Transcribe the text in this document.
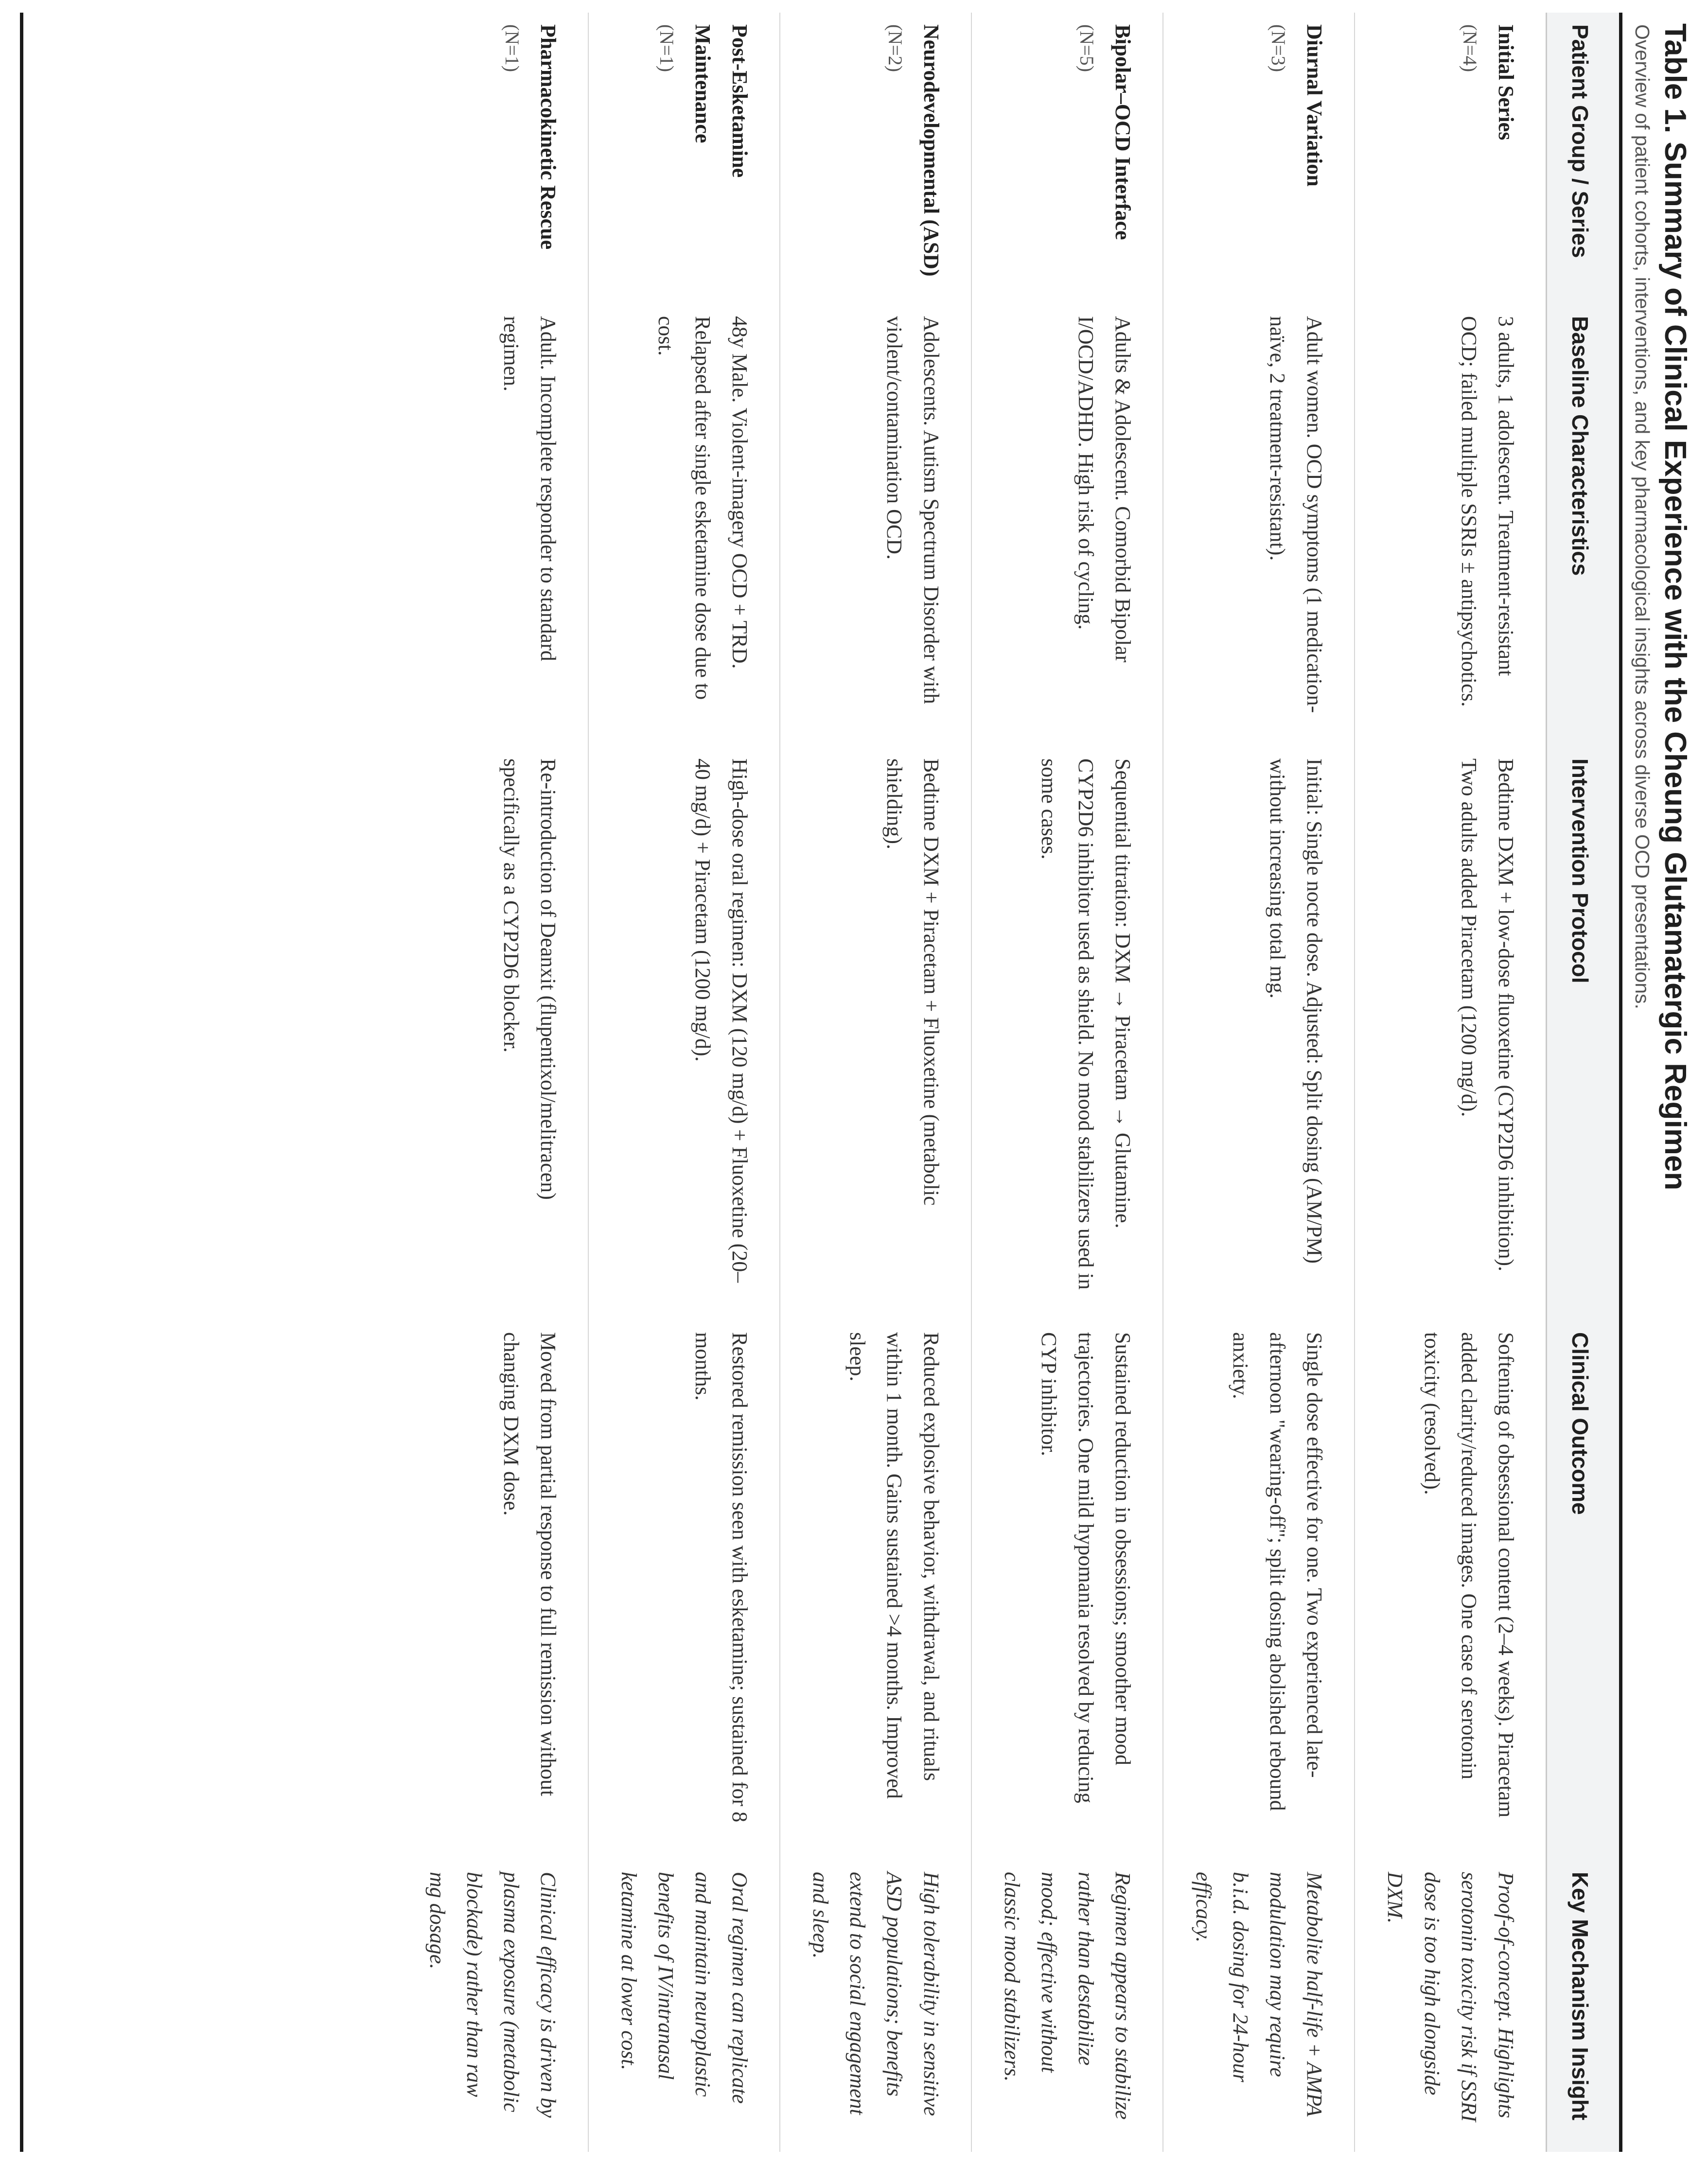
Table 1. Summary of Clinical Experience with the Cheung Glutamatergic Regimen
Overview of patient cohorts, interventions, and key pharmacological insights across diverse OCD presentations.
Patient Group / Series	Baseline Characteristics	Intervention Protocol	Clinical Outcome	Key Mechanism Insight

Initial Series
(N=4)	3 adults, 1 adolescent. Treatment-resistant OCD; failed multiple SSRIs ± antipsychotics.	Bedtime DXM + low-dose fluoxetine (CYP2D6 inhibition). Two adults added Piracetam (1200 mg/d).	Softening of obsessional content (2–4 weeks). Piracetam added clarity/reduced images. One case of serotonin toxicity (resolved).	Proof-of-concept. Highlights serotonin toxicity risk if SSRI dose is too high alongside DXM.

Diurnal Variation
(N=3)	Adult women. OCD symptoms (1 medication-naïve, 2 treatment-resistant).	Initial: Single nocte dose. Adjusted: Split dosing (AM/PM) without increasing total mg.	Single dose effective for one. Two experienced late-afternoon "wearing-off"; split dosing abolished rebound anxiety.	Metabolite half-life + AMPA modulation may require b.i.d. dosing for 24-hour efficacy.

Bipolar–OCD Interface
(N=5)	Adults & Adolescent. Comorbid Bipolar I/OCD/ADHD. High risk of cycling.	Sequential titration: DXM → Piracetam → Glutamine. CYP2D6 inhibitor used as shield. No mood stabilizers used in some cases.	Sustained reduction in obsessions; smoother mood trajectories. One mild hypomania resolved by reducing CYP inhibitor.	Regimen appears to stabilize rather than destabilize mood; effective without classic mood stabilizers.

Neurodevelopmental (ASD)
(N=2)	Adolescents. Autism Spectrum Disorder with violent/contamination OCD.	Bedtime DXM + Piracetam + Fluoxetine (metabolic shielding).	Reduced explosive behavior, withdrawal, and rituals within 1 month. Gains sustained >4 months. Improved sleep.	High tolerability in sensitive ASD populations; benefits extend to social engagement and sleep.

Post-Esketamine Maintenance
(N=1)	48y Male. Violent-imagery OCD + TRD. Relapsed after single esketamine dose due to cost.	High-dose oral regimen: DXM (120 mg/d) + Fluoxetine (20–40 mg/d) + Piracetam (1200 mg/d).	Restored remission seen with esketamine; sustained for 8 months.	Oral regimen can replicate and maintain neuroplastic benefits of IV/intranasal ketamine at lower cost.

Pharmacokinetic Rescue
(N=1)	Adult. Incomplete responder to standard regimen.	Re-introduction of Deanxit (flupentixol/melitracen) specifically as a CYP2D6 blocker.	Moved from partial response to full remission without changing DXM dose.	Clinical efficacy is driven by plasma exposure (metabolic blockade) rather than raw mg dosage.
